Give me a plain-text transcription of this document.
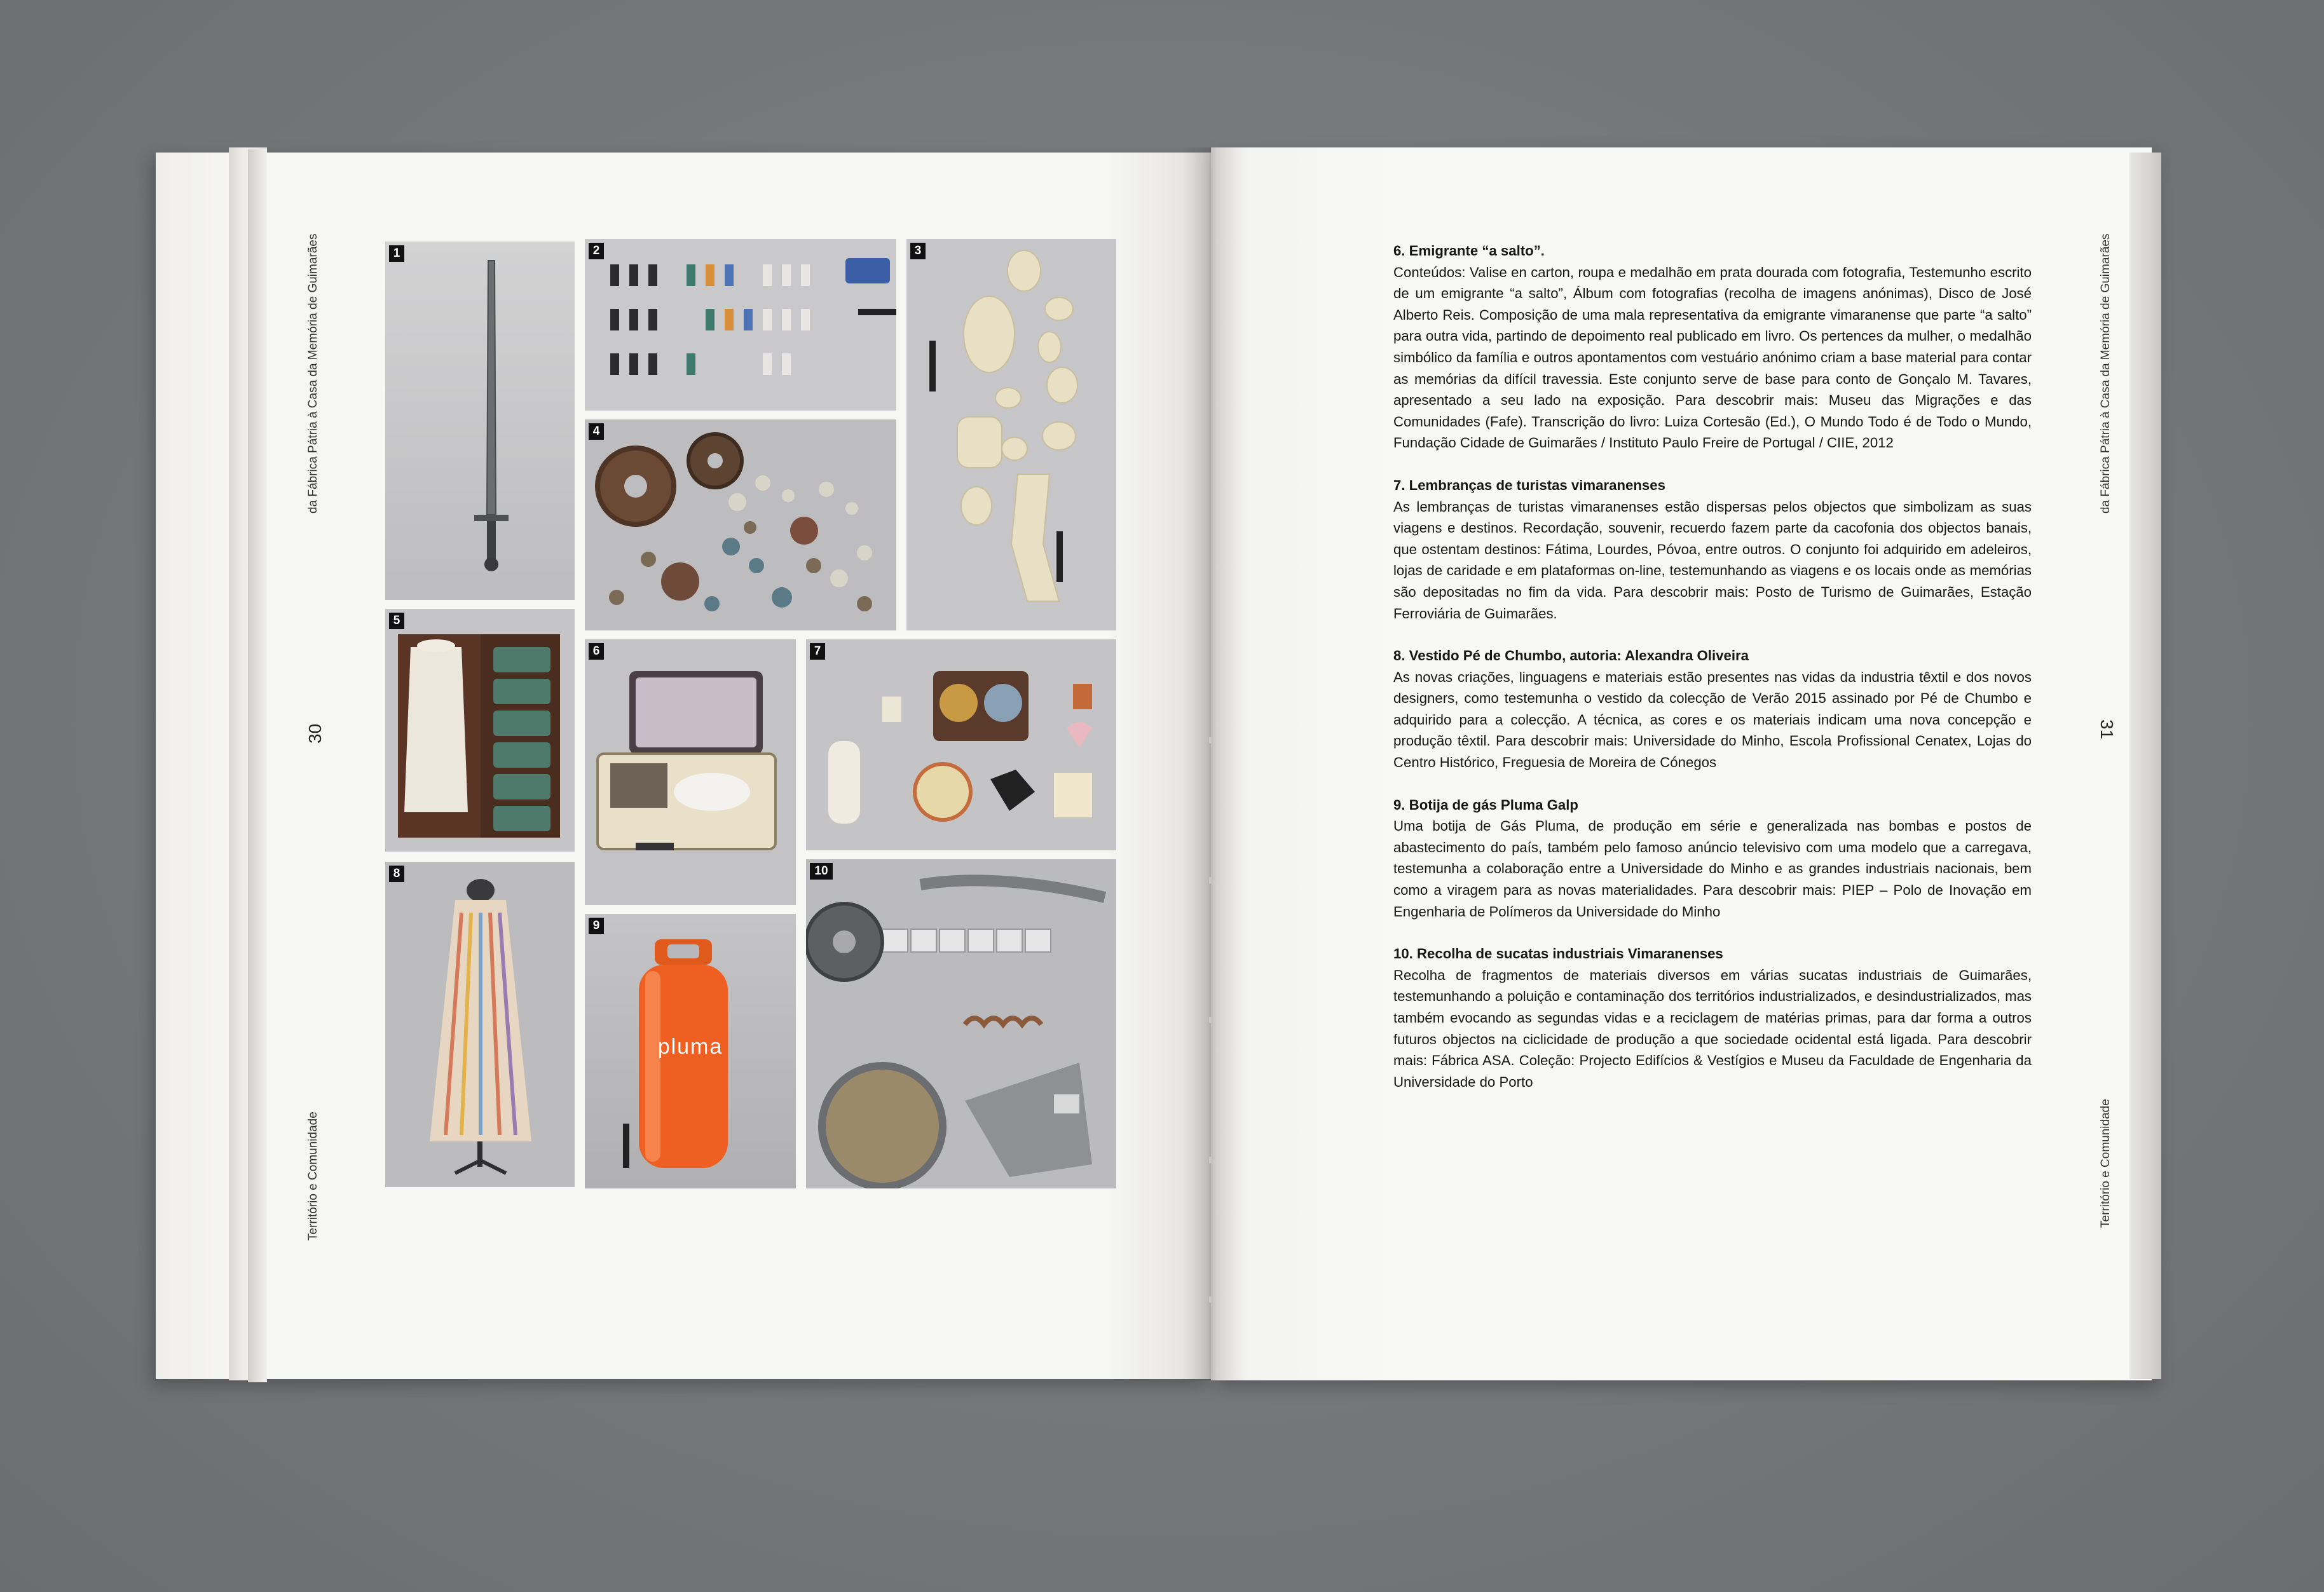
da Fábrica Pátria à Casa da Memória de Guimarães
30
Território e Comunidade
da Fábrica Pátria à Casa da Memória de Guimarães
31
Território e Comunidade
1	2	3
4
5
6	7
8
pluma
9
10
6. Emigrante “a salto”.

Conteúdos: Valise en carton, roupa e medalhão em prata dourada com fotografia, Testemunho escrito de um emigrante “a salto”, Álbum com fotografias (recolha de imagens anónimas), Disco de José Alberto Reis. Composição de uma mala representativa da emigrante vimaranense que parte “a salto” para outra vida, partindo de depoimento real publicado em livro. Os pertences da mulher, o medalhão simbólico da família e outros apontamentos com vestuário anónimo criam a base material para contar as memórias da difícil travessia. Este conjunto serve de base para conto de Gonçalo M. Tavares, apresentado a seu lado na exposição. Para descobrir mais: Museu das Migrações e das Comunidades (Fafe). Transcrição do livro: Luiza Cortesão (Ed.), O Mundo Todo é de Todo o Mundo, Fundação Cidade de Guimarães / Instituto Paulo Freire de Portugal / CIIE, 2012

7. Lembranças de turistas vimaranenses

As lembranças de turistas vimaranenses estão dispersas pelos objectos que simbolizam as suas viagens e destinos. Recordação, souvenir, recuerdo fazem parte da cacofonia dos objectos banais, que ostentam destinos: Fátima, Lourdes, Póvoa, entre outros. O conjunto foi adquirido em adeleiros, lojas de caridade e em plataformas on-line, testemunhando as viagens e os locais onde as memórias são depositadas no fim da vida. Para descobrir mais: Posto de Turismo de Guimarães, Estação Ferroviária de Guimarães.

8. Vestido Pé de Chumbo, autoria: Alexandra Oliveira

As novas criações, linguagens e materiais estão presentes nas vidas da industria têxtil e dos novos designers, como testemunha o vestido da colecção de Verão 2015 assinado por Pé de Chumbo e adquirido para a colecção. A técnica, as cores e os materiais indicam uma nova concepção e produção têxtil. Para descobrir mais: Universidade do Minho, Escola Profissional Cenatex, Lojas do Centro Histórico, Freguesia de Moreira de Cónegos

9. Botija de gás Pluma Galp

Uma botija de Gás Pluma, de produção em série e generalizada nas bombas e postos de abastecimento do país, também pelo famoso anúncio televisivo com uma modelo que a carregava, testemunha a colaboração entre a Universidade do Minho e as grandes industriais nacionais, bem como a viragem para as novas materialidades. Para descobrir mais: PIEP – Polo de Inovação em Engenharia de Polímeros da Universidade do Minho

10. Recolha de sucatas industriais Vimaranenses

Recolha de fragmentos de materiais diversos em várias sucatas industriais de Guimarães, testemunhando a poluição e contaminação dos territórios industrializados, e desindustrializados, mas também evocando as segundas vidas e a reciclagem de matérias primas, para dar forma a outros futuros objectos na ciclicidade de produção a que sociedade ocidental está ligada. Para descobrir mais: Fábrica ASA. Coleção: Projecto Edifícios & Vestígios e Museu da Faculdade de Engenharia da Universidade do Porto
